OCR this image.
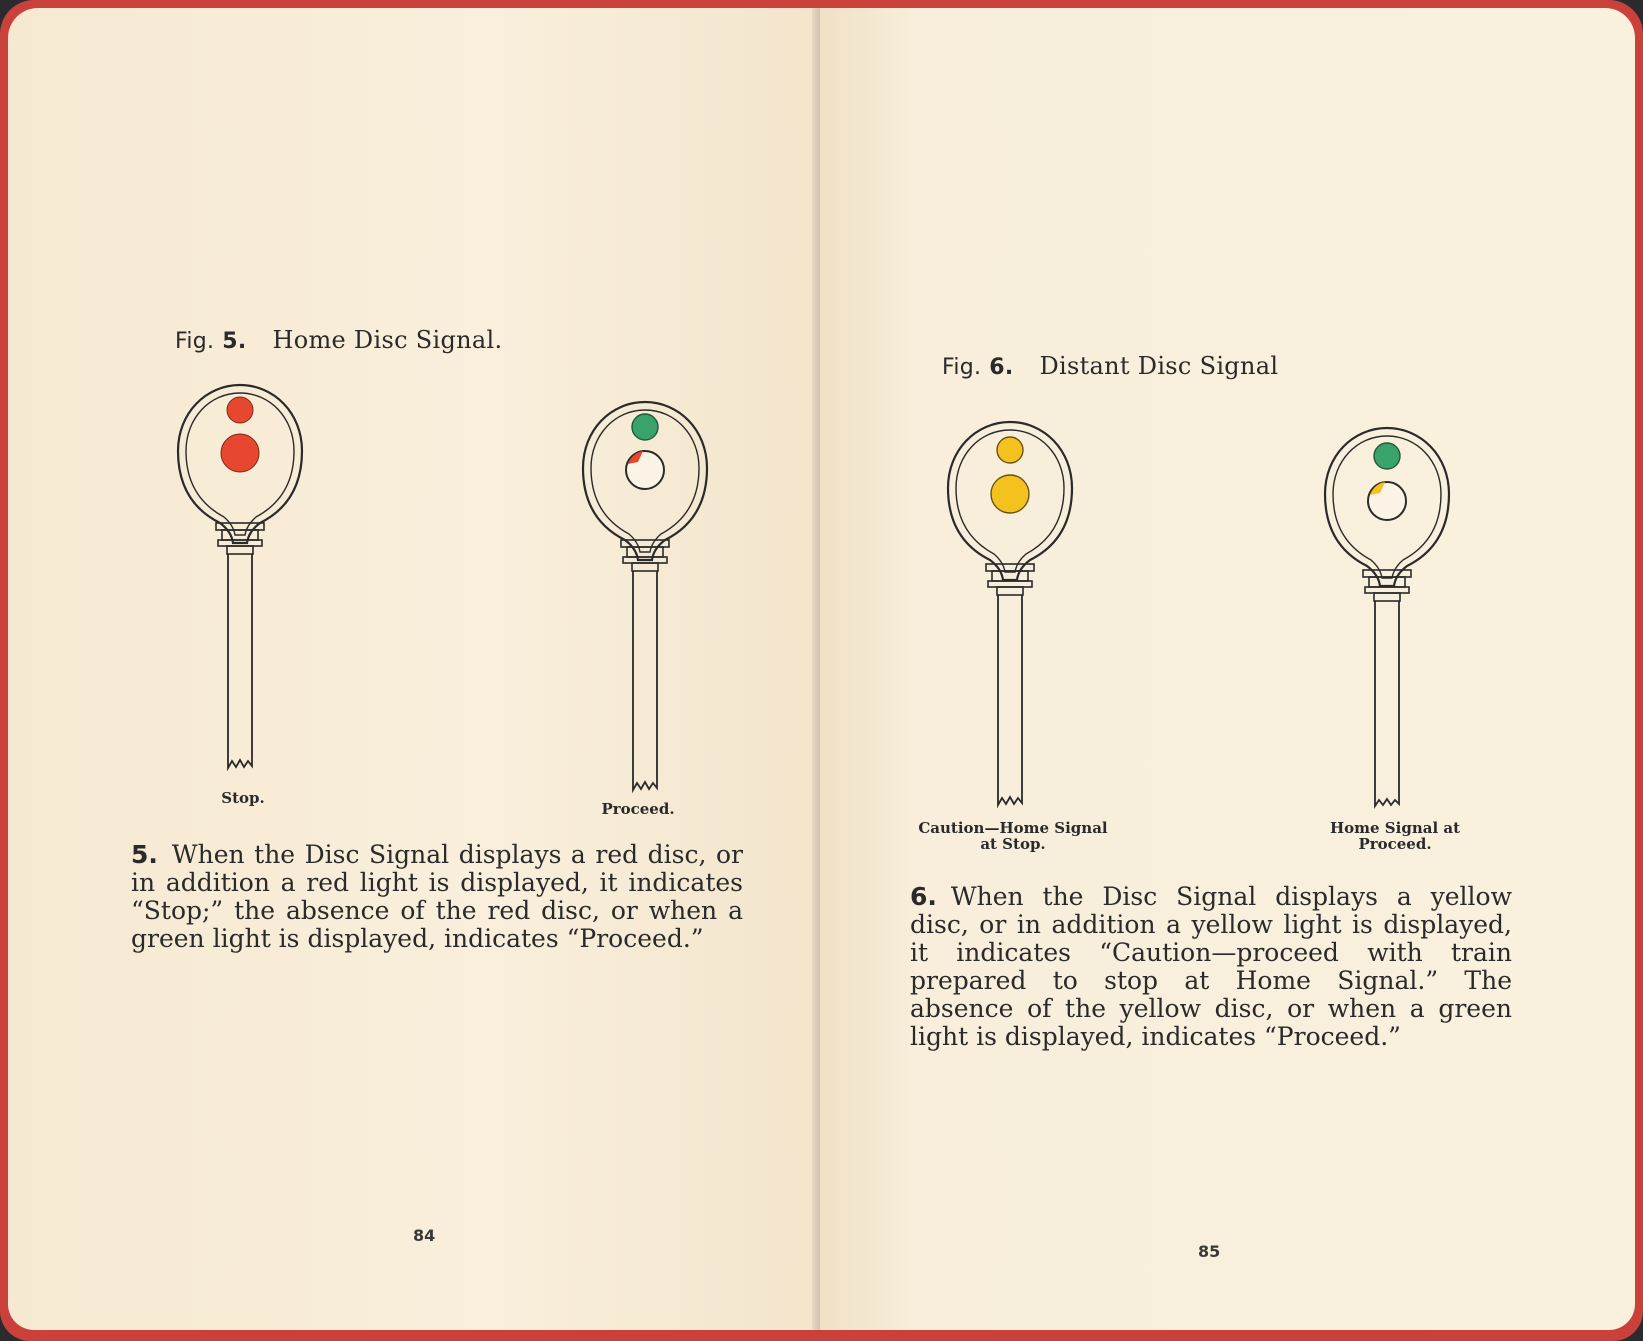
Fig. 5. Home Disc Signal.
Stop.
Proceed.
5. When the Disc Signal displays a red disc, or in addition a red light is displayed, it indicates “Stop;” the absence of the red disc, or when a green light is displayed, indicates “Proceed.”
84
Fig. 6. Distant Disc Signal
Caution—Home Signal
at Stop.
Home Signal at
Proceed.
6. When the Disc Signal displays a yellow disc, or in addition a yellow light is displayed, it indicates “Caution—proceed with train prepared to stop at Home Signal.” The absence of the yellow disc, or when a green light is displayed, indicates “Proceed.”
85
